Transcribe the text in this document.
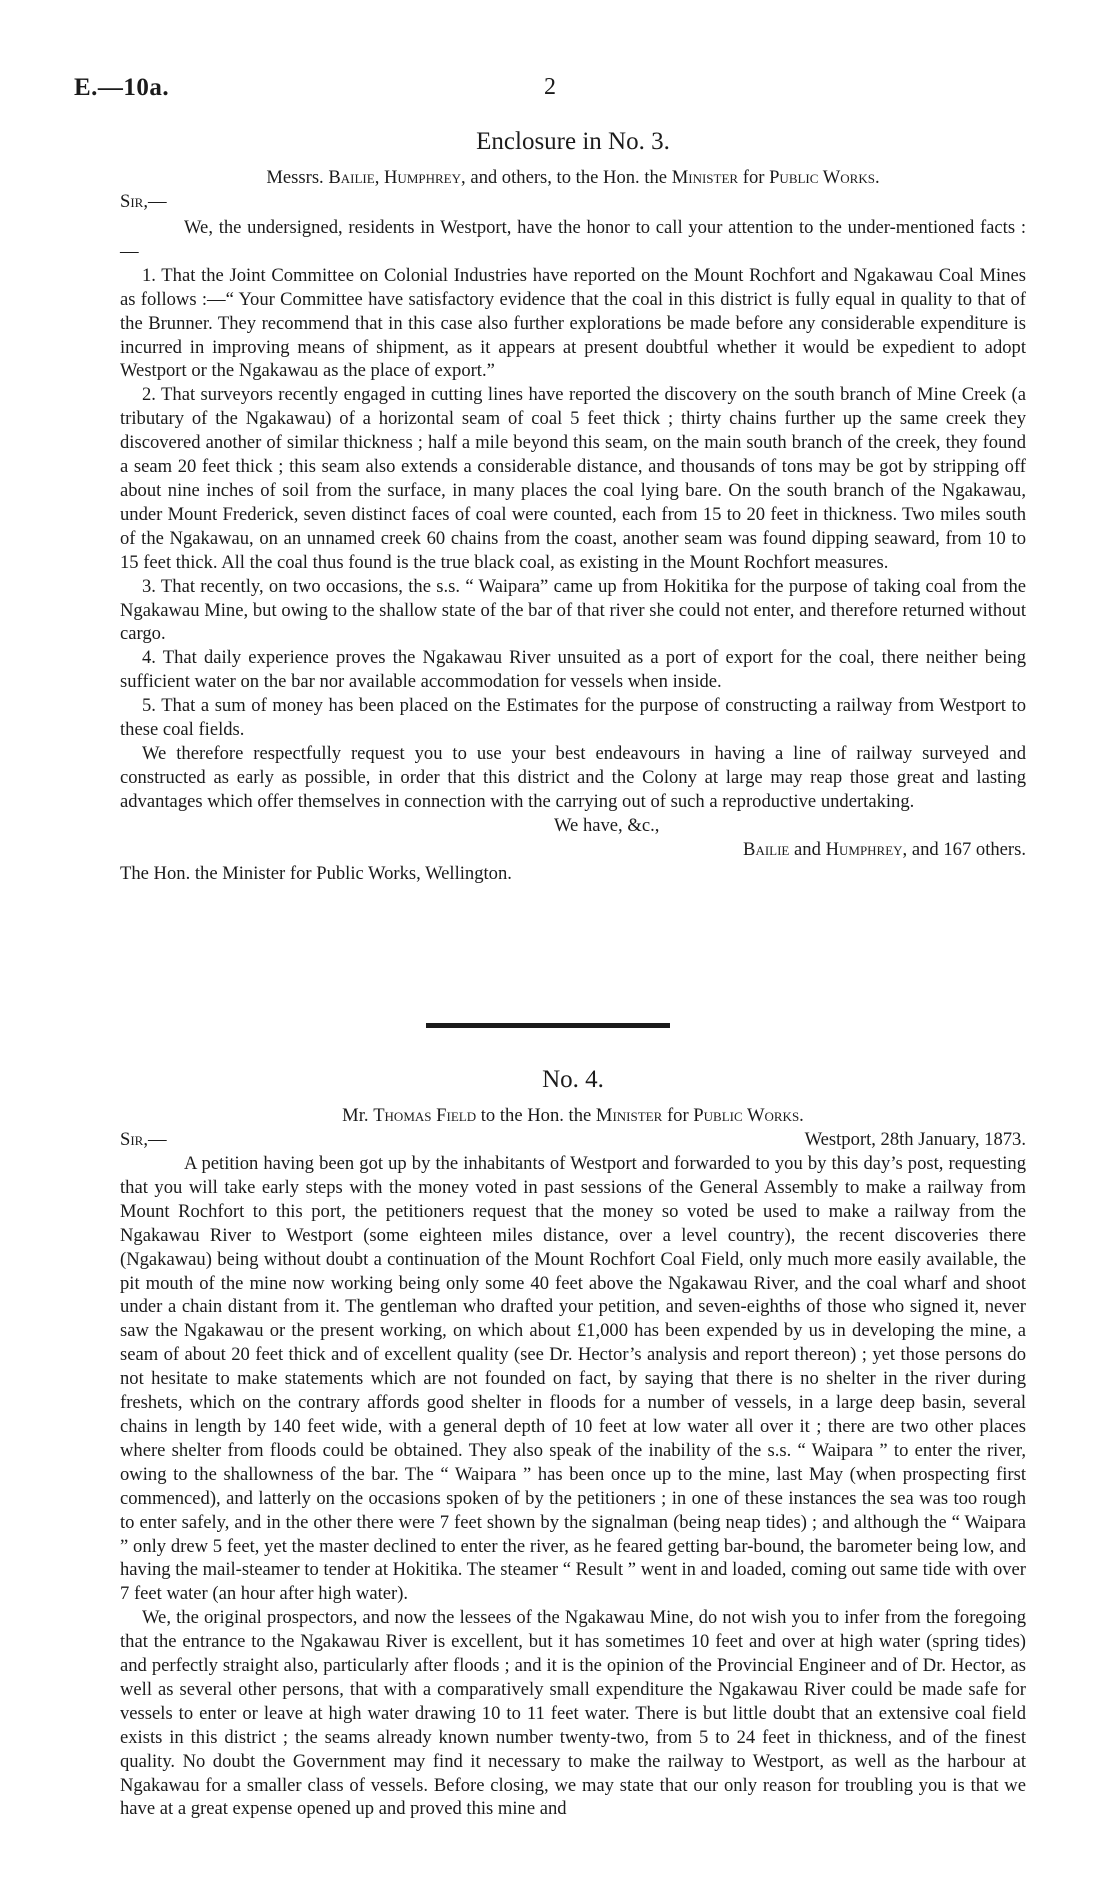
E.—10a.	2
Enclosure in No. 3.
Messrs. Bailie, Humphrey, and others, to the Hon. the Minister for Public Works.
Sir,—
We, the undersigned, residents in Westport, have the honor to call your attention to the under-mentioned facts :—
1. That the Joint Committee on Colonial Industries have reported on the Mount Rochfort and Ngakawau Coal Mines as follows :—“ Your Committee have satisfactory evidence that the coal in this district is fully equal in quality to that of the Brunner. They recommend that in this case also further explorations be made before any considerable expenditure is incurred in improving means of shipment, as it appears at present doubtful whether it would be expedient to adopt Westport or the Ngakawau as the place of export.”
2. That surveyors recently engaged in cutting lines have reported the discovery on the south branch of Mine Creek (a tributary of the Ngakawau) of a horizontal seam of coal 5 feet thick ; thirty chains further up the same creek they discovered another of similar thickness ; half a mile beyond this seam, on the main south branch of the creek, they found a seam 20 feet thick ; this seam also extends a considerable distance, and thousands of tons may be got by stripping off about nine inches of soil from the surface, in many places the coal lying bare. On the south branch of the Ngakawau, under Mount Frederick, seven distinct faces of coal were counted, each from 15 to 20 feet in thickness. Two miles south of the Ngakawau, on an unnamed creek 60 chains from the coast, another seam was found dipping seaward, from 10 to 15 feet thick. All the coal thus found is the true black coal, as existing in the Mount Rochfort measures.
3. That recently, on two occasions, the s.s. “ Waipara” came up from Hokitika for the purpose of taking coal from the Ngakawau Mine, but owing to the shallow state of the bar of that river she could not enter, and therefore returned without cargo.
4. That daily experience proves the Ngakawau River unsuited as a port of export for the coal, there neither being sufficient water on the bar nor available accommodation for vessels when inside.
5. That a sum of money has been placed on the Estimates for the purpose of constructing a railway from Westport to these coal fields.
We therefore respectfully request you to use your best endeavours in having a line of railway surveyed and constructed as early as possible, in order that this district and the Colony at large may reap those great and lasting advantages which offer themselves in connection with the carrying out of such a reproductive undertaking.
We have, &c.,
Bailie and Humphrey, and 167 others.
The Hon. the Minister for Public Works, Wellington.
No. 4.
Mr. Thomas Field to the Hon. the Minister for Public Works.
Sir,—	Westport, 28th January, 1873.
A petition having been got up by the inhabitants of Westport and forwarded to you by this day’s post, requesting that you will take early steps with the money voted in past sessions of the General Assembly to make a railway from Mount Rochfort to this port, the petitioners request that the money so voted be used to make a railway from the Ngakawau River to Westport (some eighteen miles distance, over a level country), the recent discoveries there (Ngakawau) being without doubt a continuation of the Mount Rochfort Coal Field, only much more easily available, the pit mouth of the mine now working being only some 40 feet above the Ngakawau River, and the coal wharf and shoot under a chain distant from it. The gentleman who drafted your petition, and seven-eighths of those who signed it, never saw the Ngakawau or the present working, on which about £1,000 has been expended by us in developing the mine, a seam of about 20 feet thick and of excellent quality (see Dr. Hector’s analysis and report thereon) ; yet those persons do not hesitate to make statements which are not founded on fact, by saying that there is no shelter in the river during freshets, which on the contrary affords good shelter in floods for a number of vessels, in a large deep basin, several chains in length by 140 feet wide, with a general depth of 10 feet at low water all over it ; there are two other places where shelter from floods could be obtained. They also speak of the inability of the s.s. “ Waipara ” to enter the river, owing to the shallowness of the bar. The “ Waipara ” has been once up to the mine, last May (when prospecting first commenced), and latterly on the occasions spoken of by the petitioners ; in one of these instances the sea was too rough to enter safely, and in the other there were 7 feet shown by the signalman (being neap tides) ; and although the “ Waipara ” only drew 5 feet, yet the master declined to enter the river, as he feared getting bar-bound, the barometer being low, and having the mail-steamer to tender at Hokitika. The steamer “ Result ” went in and loaded, coming out same tide with over 7 feet water (an hour after high water).
We, the original prospectors, and now the lessees of the Ngakawau Mine, do not wish you to infer from the foregoing that the entrance to the Ngakawau River is excellent, but it has sometimes 10 feet and over at high water (spring tides) and perfectly straight also, particularly after floods ; and it is the opinion of the Provincial Engineer and of Dr. Hector, as well as several other persons, that with a comparatively small expenditure the Ngakawau River could be made safe for vessels to enter or leave at high water drawing 10 to 11 feet water. There is but little doubt that an extensive coal field exists in this district ; the seams already known number twenty-two, from 5 to 24 feet in thickness, and of the finest quality. No doubt the Government may find it necessary to make the railway to Westport, as well as the harbour at Ngakawau for a smaller class of vessels. Before closing, we may state that our only reason for troubling you is that we have at a great expense opened up and proved this mine and
